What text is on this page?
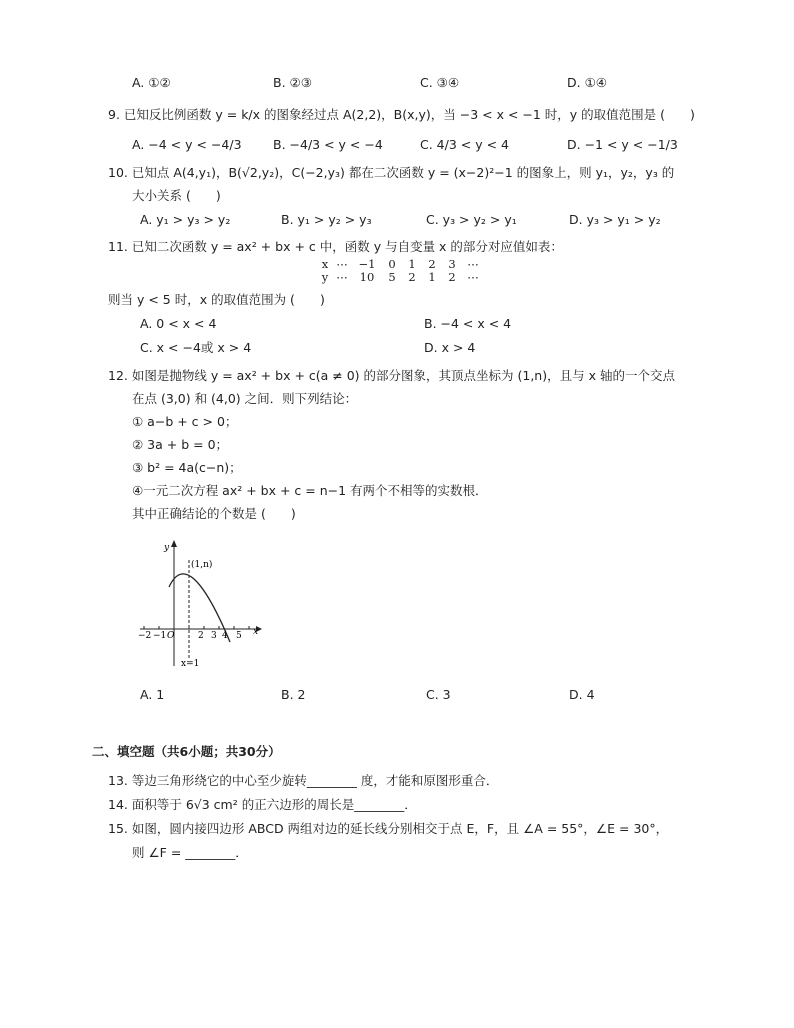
A. ①②	B. ②③	C. ③④	D. ①④
9. 已知反比例函数 y = k/x 的图象经过点 A(2,2)，B(x,y)，当 −3 < x < −1 时，y 的取值范围是 (　　)
A. −4 < y < −4/3	B. −4/3 < y < −4	C. 4/3 < y < 4	D. −1 < y < −1/3
10. 已知点 A(4,y₁)，B(√2,y₂)，C(−2,y₃) 都在二次函数 y = (x−2)²−1 的图象上，则 y₁，y₂，y₃ 的
大小关系 (　　)
A. y₁ > y₃ > y₂	B. y₁ > y₂ > y₃	C. y₃ > y₂ > y₁	D. y₃ > y₁ > y₂
11. 已知二次函数 y = ax² + bx + c 中，函数 y 与自变量 x 的部分对应值如表：
x ⋯ −1	0	1	2	3	⋯
y ⋯	10	5	2	1	2	⋯
则当 y < 5 时，x 的取值范围为 (　　)
A. 0 < x < 4	B. −4 < x < 4
C. x < −4或 x > 4	D. x > 4
12. 如图是抛物线 y = ax² + bx + c(a ≠ 0) 的部分图象，其顶点坐标为 (1,n)，且与 x 轴的一个交点
在点 (3,0) 和 (4,0) 之间．则下列结论：
① a−b + c > 0；
② 3a + b = 0；
③ b² = 4a(c−n)；
④一元二次方程 ax² + bx + c = n−1 有两个不相等的实数根．
其中正确结论的个数是 (　　)
y
x
(1,n)
O
−2 −1	2 3 4 5
x=1
A. 1	B. 2	C. 3	D. 4
二、填空题（共6小题；共30分）
13. 等边三角形绕它的中心至少旋转________ 度，才能和原图形重合．
14. 面积等于 6√3 cm² 的正六边形的周长是________．
15. 如图，圆内接四边形 ABCD 两组对边的延长线分别相交于点 E，F，且 ∠A = 55°，∠E = 30°，
则 ∠F = ________．
